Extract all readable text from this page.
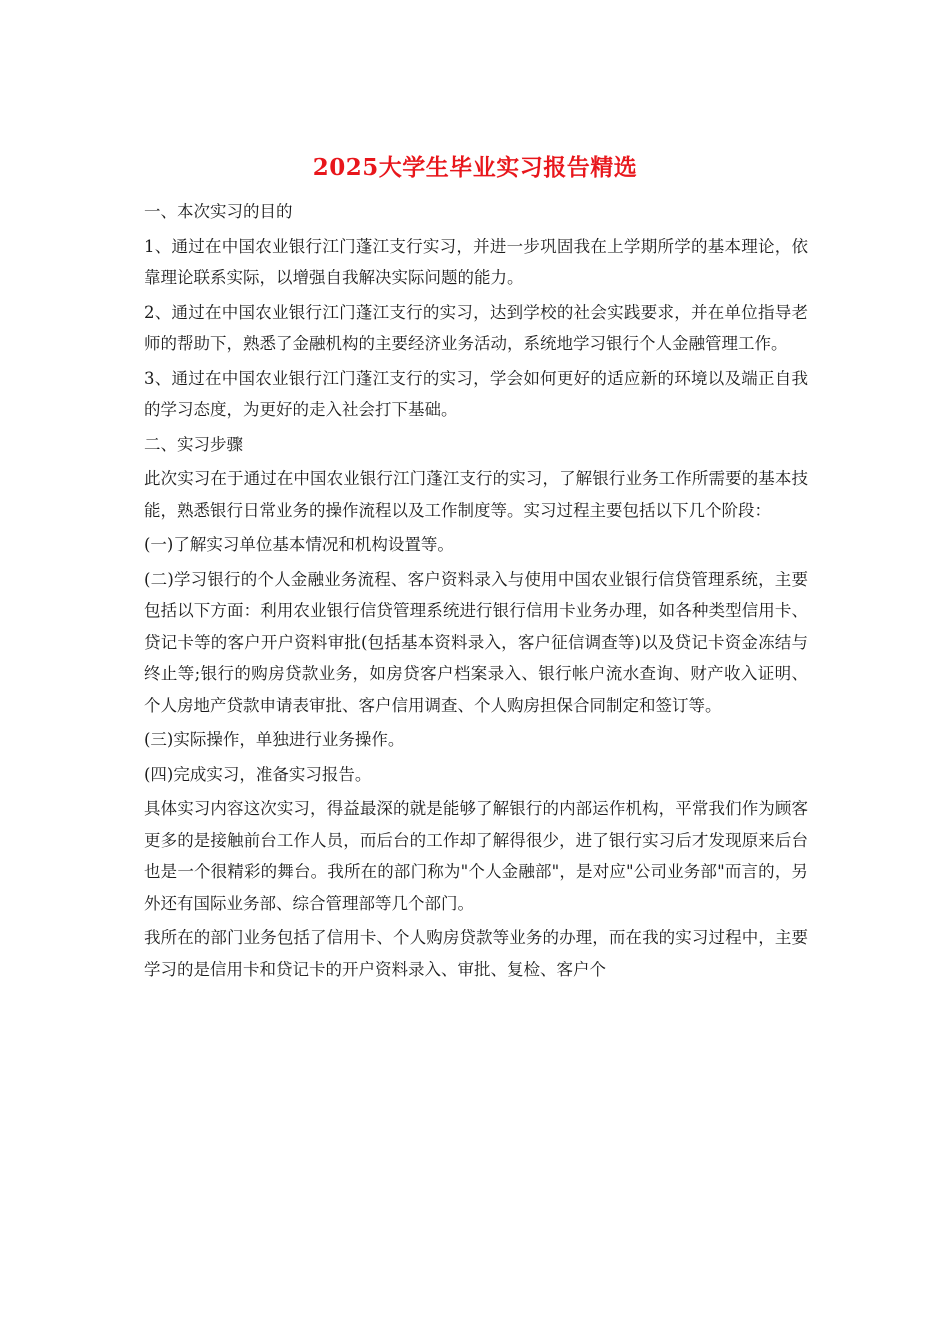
2025大学生毕业实习报告精选

一、本次实习的目的

1、通过在中国农业银行江门蓬江支行实习，并进一步巩固我在上学期所学的基本理论，依靠理论联系实际，以增强自我解决实际问题的能力。

2、通过在中国农业银行江门蓬江支行的实习，达到学校的社会实践要求，并在单位指导老师的帮助下，熟悉了金融机构的主要经济业务活动，系统地学习银行个人金融管理工作。

3、通过在中国农业银行江门蓬江支行的实习，学会如何更好的适应新的环境以及端正自我的学习态度，为更好的走入社会打下基础。

二、实习步骤

此次实习在于通过在中国农业银行江门蓬江支行的实习，了解银行业务工作所需要的基本技能，熟悉银行日常业务的操作流程以及工作制度等。实习过程主要包括以下几个阶段：

(一)了解实习单位基本情况和机构设置等。

(二)学习银行的个人金融业务流程、客户资料录入与使用中国农业银行信贷管理系统，主要包括以下方面：利用农业银行信贷管理系统进行银行信用卡业务办理，如各种类型信用卡、贷记卡等的客户开户资料审批(包括基本资料录入，客户征信调查等)以及贷记卡资金冻结与终止等;银行的购房贷款业务，如房贷客户档案录入、银行帐户流水查询、财产收入证明、个人房地产贷款申请表审批、客户信用调查、个人购房担保合同制定和签订等。

(三)实际操作，单独进行业务操作。

(四)完成实习，准备实习报告。

具体实习内容这次实习，得益最深的就是能够了解银行的内部运作机构，平常我们作为顾客更多的是接触前台工作人员，而后台的工作却了解得很少，进了银行实习后才发现原来后台也是一个很精彩的舞台。我所在的部门称为"个人金融部"，是对应"公司业务部"而言的，另外还有国际业务部、综合管理部等几个部门。

我所在的部门业务包括了信用卡、个人购房贷款等业务的办理，而在我的实习过程中，主要学习的是信用卡和贷记卡的开户资料录入、审批、复检、客户个
